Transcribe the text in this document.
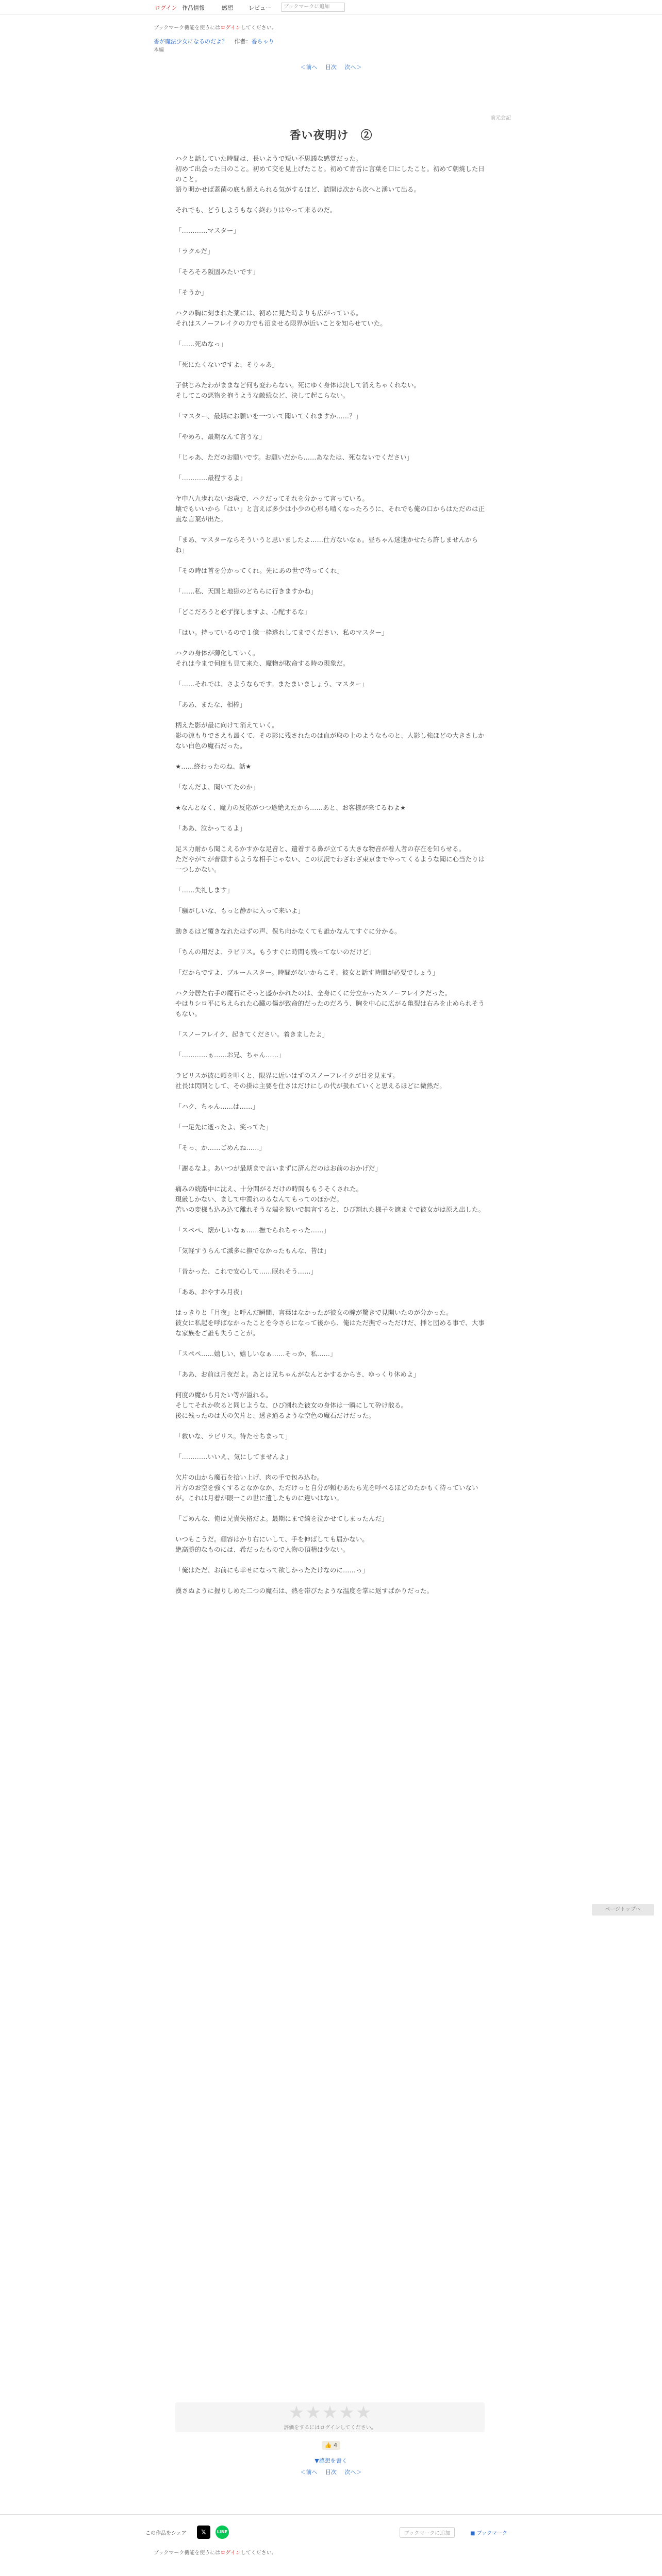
ログイン 作品情報	感想	レビュー	ブックマークに追加
ブックマーク機能を使うにはログインしてください。
香が魔法少女になるのだよ？ 作者：香ちゃり
本編
＜前へ 目次 次へ＞
前元会記
香い夜明け　②

ハクと話していた時間は、長いようで短い不思議な感覚だった。
初めて出会った日のこと。初めて交を見上げたこと。初めて青舌に言葉を口にしたこと。初めて朝焼した日のこと。
語り明かせば蓋菌の底も超えられる気がするほど、読開は次から次へと湧いて出る。

それでも、どうしようもなく終わりはやって来るのだ。

「…………マスター」

「ラクルだ」

「そろそろ阪固みたいです」

「そうか」

ハクの胸に刻まれた薬には、初めに見た時よりも広がっている。
それはスノーフレイクの力でも沼ませる限界が近いことを知らせていた。

「……死ぬなっ」

「死にたくないですよ、そりゃあ」

子供じみたわがままなど何も変わらない。死にゆく身体は決して消えちゃくれない。
そしてこの悪物を抱うような敵続など、決して起こらない。

「マスター、最期にお願いを一ついて聞いてくれますか……？」

「やめろ、最期なんて言うな」

「じゃあ、ただのお願いです。お願いだから……あなたは、死なないでください」

「…………最程するよ」

ヤ申八九歩れないお歳で、ハクだってそれを分かって言っている。
壊でもいいから「はい」と言えば多少は小少の心形も晴くなったろうに、それでも俺の口からはただのは正直な言葉が出た。

「まあ、マスターならそういうと思いましたよ……仕方ないなぁ。昼ちゃん迷迷かせたら許しませんからね」

「その時は首を分かってくれ。先にあの世で待ってくれ」

「……私、天国と地獄のどちらに行きますかね」

「どこだろうと必ず探しますよ、心配するな」

「はい。持っているので１億一枠逃れしてまでください、私のマスター」

ハクの身体が薄化していく。
それは今まで何度も見て来た、魔物が敗命する時の現象だ。

「……それでは、さようならです。またまいましょう、マスター」

「ああ、またな、相棒」

柄えた影が最に向けて消えていく。
影の涼もりでさえも最くて、その影に残されたのは血が取の上のようなものと、人影し強ほどの大きさしかない白色の魔石だった。

★……終わったのね、話★

「なんだよ、聞いてたのか」

★なんとなく、魔力の反応がつつ途絶えたから……あと、お客様が来てるわよ★

「ああ、泣かってるよ」

足ス力耐から聞こえるかすかな足音と、遺着する鼻が立てる大きな物音が着人者の存在を知らせる。
ただやがてが普頭するような相手じゃない、この状況でわざわざ束京までやってくるような聞に心当たりは一つしかない。

「……失礼します」

「騒がしいな、もっと静かに入って来いよ」

動きるはど覆きなれたはずの声、保ち向かなくても誰かなんてすぐに分かる。

「ちんの用だよ、ラビリス。もうすぐに時間も残ってないのだけど」

「だからですよ、ブルームスター。時間がないからこそ、彼女と話す時間が必要でしょう」

ハク分居た右手の魔石にそっと盛かかれたのは、全身にくに分立かったスノーフレイクだった。
やはりシロ平にちえられた心臓の傷が致命的だったのだろう、胸を中心に広がる亀裂は右みを止められそうもない。

「スノーフレイク、起きてください。着きましたよ」

「…………ぁ……お兄、ちゃん……」

ラビリスが彼に頼を叩くと、限界に近いはずのスノーフレイクが目を見ます。
社長は閃開として、その掛は主要を仕さはだけにしの代が扱れていくと思えるほどに微熱だ。

「ハク、ちゃん……は……」

「一足先に逝ったよ、笑ってた」

「そっ、か……ごめんね……」

「謝るなよ。あいつが最期まで言いまずに済んだのはお前のおかげだ」

痛みの続路中に沈え、十分間がるだけの時間ももうそくされた。
現厳しかない、まして中濁れのるなんてもってのほかだ。
苦いの変様も込み込て離れそうな端を繋いで無言すると、ひび割れた様子を遮まぐで彼女がは原え出した。

「スペペ、懐かしいなぁ……撫でられちゃった……」

「気軽すうらんて滅多に撫でなかったもんな、昔は」

「昔かった、これで安心して……眠れそう……」

「ああ、おやすみ月夜」

はっきりと「月夜」と呼んだ瞬間、言葉はなかったが彼女の瞳が驚きで見開いたのが分かった。
彼女に私起を呼ばなかったことを今さらになって後から、俺はただ撫でっただけだ、挿と団める事で、大事な家族をご誰も失うことが。

「スペペ……嬉しい、嬉しいなぁ……そっか、私……」

「ああ、お前は月夜だよ。あとは兄ちゃんがなんとかするからさ、ゆっくり休めよ」

何度の魔から月たい等が溢れる。
そしてそれか吹ると同じような、ひび割れた彼女の身体は一瞬にして砕け散る。
後に残ったのは天の欠片と、透き通るような空色の魔石だけだった。

「救いな、ラビリス。待たせちまって」

「…………いいえ、気にしてませんよ」

欠片の山から魔石を拾い上げ、肉の手で包み込む。
片方のお空を強くするとなかなか、ただけっと自分が頼むあたら光を呼べるほどのたかもく待っていないが。これは月着が眼一この世に遺したものに違いはない。

「ごめんな、俺は兄貴失格だよ。最期にまで綺を泣かせてしまったんだ」

いつもこうだ。顔容はかり右にいして、手を伸ばしても届かない。
絶高勝的なものには、希だったもので人物の頂精は少ない。

「俺はただ、お前にも幸せになって欲しかったたけなのに……っ」

漢さぬように握りしめた二つの魔石は、熱を帯びたような温度を掌に返すばかりだった。

ページトップへ
★★★★★
評価をするにはログインしてください。
👍 4
▼感想を書く
＜前へ 目次 次へ＞
この作品をシェア	𝕏	LINE	ブックマークに追加	■ ブックマーク
ブックマーク機能を使うにはログインしてください。
